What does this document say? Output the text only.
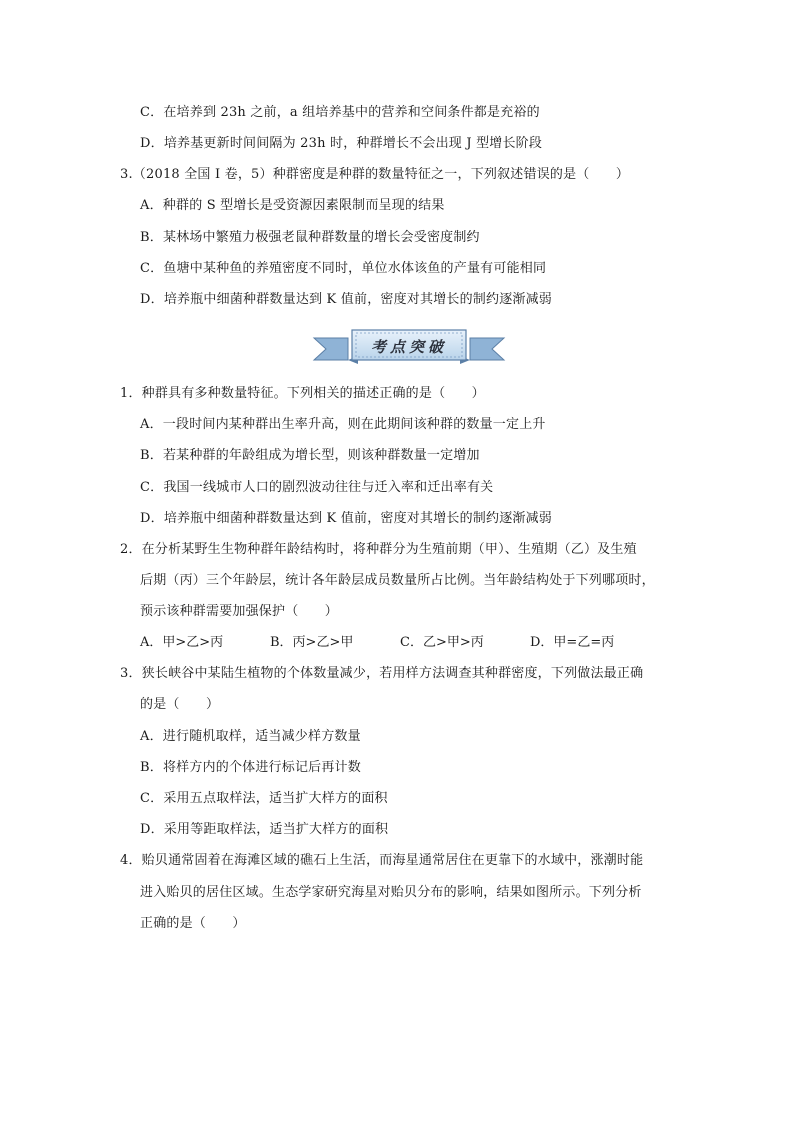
C．在培养到 23h 之前，a 组培养基中的营养和空间条件都是充裕的
D．培养基更新时间间隔为 23h 时，种群增长不会出现 J 型增长阶段
3.（2018 全国 I 卷，5）种群密度是种群的数量特征之一，下列叙述错误的是（　　）
A．种群的 S 型增长是受资源因素限制而呈现的结果
B．某林场中繁殖力极强老鼠种群数量的增长会受密度制约
C．鱼塘中某种鱼的养殖密度不同时，单位水体该鱼的产量有可能相同
D．培养瓶中细菌种群数量达到 K 值前，密度对其增长的制约逐渐减弱
考点突破
1．种群具有多种数量特征。下列相关的描述正确的是（　　）
A．一段时间内某种群出生率升高，则在此期间该种群的数量一定上升
B．若某种群的年龄组成为增长型，则该种群数量一定增加
C．我国一线城市人口的剧烈波动往往与迁入率和迁出率有关
D．培养瓶中细菌种群数量达到 K 值前，密度对其增长的制约逐渐减弱
2．在分析某野生生物种群年龄结构时，将种群分为生殖前期（甲）、生殖期（乙）及生殖
后期（丙）三个年龄层，统计各年龄层成员数量所占比例。当年龄结构处于下列哪项时，
预示该种群需要加强保护（　　）
A．甲>乙>丙	B．丙>乙>甲	C．乙>甲>丙	D．甲=乙=丙
3．狭长峡谷中某陆生植物的个体数量减少，若用样方法调查其种群密度，下列做法最正确
的是（　　）
A．进行随机取样，适当减少样方数量
B．将样方内的个体进行标记后再计数
C．采用五点取样法，适当扩大样方的面积
D．采用等距取样法，适当扩大样方的面积
4．贻贝通常固着在海滩区域的礁石上生活，而海星通常居住在更靠下的水域中，涨潮时能
进入贻贝的居住区域。生态学家研究海星对贻贝分布的影响，结果如图所示。下列分析
正确的是（　　）
